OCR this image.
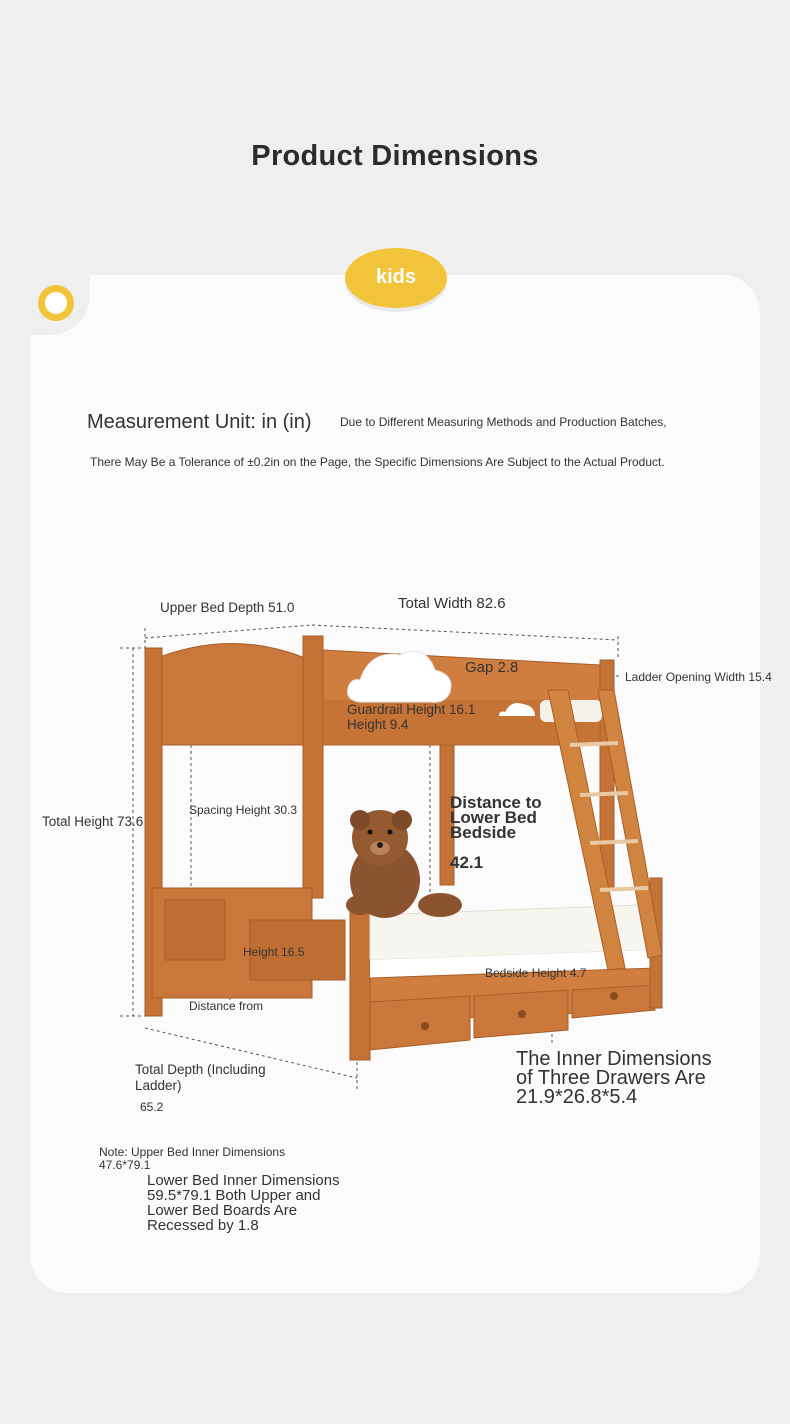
Product Dimensions
kids
Measurement Unit: in (in) Due to Different Measuring Methods and Production Batches,
There May Be a Tolerance of ±0.2in on the Page, the Specific Dimensions Are Subject to the Actual Product.
Upper Bed Depth 51.0	Total Width 82.6
Gap 2.8
Ladder Opening Width 15.4
Guardrail Height 16.1
Height 9.4
Total Height 73.6
Spacing Height 30.3	Distance to Lower Bed Bedside
42.1
Height 16.5
Bedside Height 4.7
Distance from
Total Depth (Including Ladder)
65.2
The Inner Dimensions of Three Drawers Are 21.9*26.8*5.4
Note: Upper Bed Inner Dimensions 47.6*79.1
Lower Bed Inner Dimensions 59.5*79.1 Both Upper and Lower Bed Boards Are Recessed by 1.8
